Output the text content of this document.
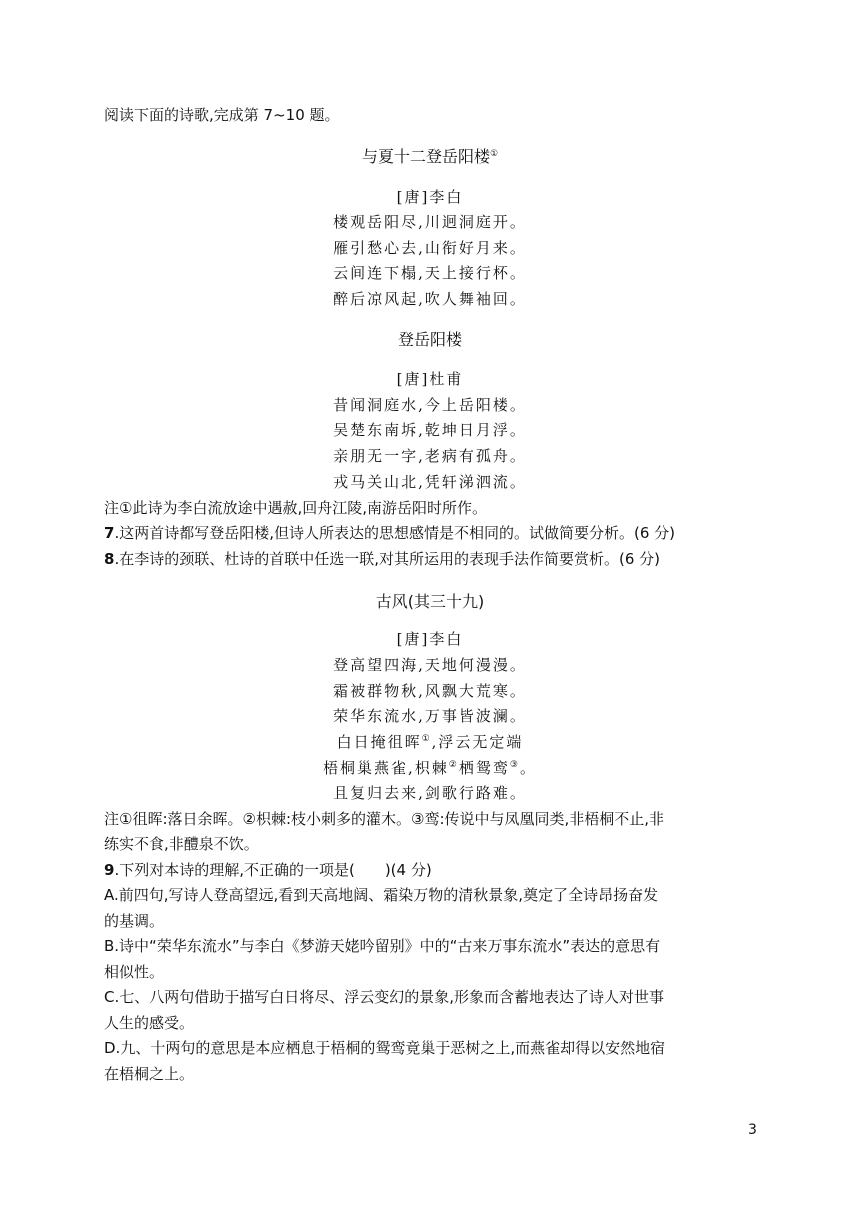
阅读下面的诗歌,完成第 7~10 题。
与夏十二登岳阳楼①
[唐]李白
楼观岳阳尽,川迥洞庭开。
雁引愁心去,山衔好月来。
云间连下榻,天上接行杯。
醉后凉风起,吹人舞袖回。
登岳阳楼
[唐]杜甫
昔闻洞庭水,今上岳阳楼。
吴楚东南坼,乾坤日月浮。
亲朋无一字,老病有孤舟。
戎马关山北,凭轩涕泗流。
注①此诗为李白流放途中遇赦,回舟江陵,南游岳阳时所作。
7.这两首诗都写登岳阳楼,但诗人所表达的思想感情是不相同的。试做简要分析。(6 分)
8.在李诗的颈联、杜诗的首联中任选一联,对其所运用的表现手法作简要赏析。(6 分)
古风(其三十九)
[唐]李白
登高望四海,天地何漫漫。
霜被群物秋,风飘大荒寒。
荣华东流水,万事皆波澜。
白日掩徂晖①,浮云无定端
梧桐巢燕雀,枳棘②栖鸳鸾③。
且复归去来,剑歌行路难。
注①徂晖:落日余晖。②枳棘:枝小刺多的灌木。③鸾:传说中与凤凰同类,非梧桐不止,非
练实不食,非醴泉不饮。
9.下列对本诗的理解,不正确的一项是(　　)(4 分)
A.前四句,写诗人登高望远,看到天高地阔、霜染万物的清秋景象,奠定了全诗昂扬奋发
的基调。
B.诗中“荣华东流水”与李白《梦游天姥吟留别》中的“古来万事东流水”表达的意思有
相似性。
C.七、八两句借助于描写白日将尽、浮云变幻的景象,形象而含蓄地表达了诗人对世事
人生的感受。
D.九、十两句的意思是本应栖息于梧桐的鸳鸾竟巢于恶树之上,而燕雀却得以安然地宿
在梧桐之上。
3
